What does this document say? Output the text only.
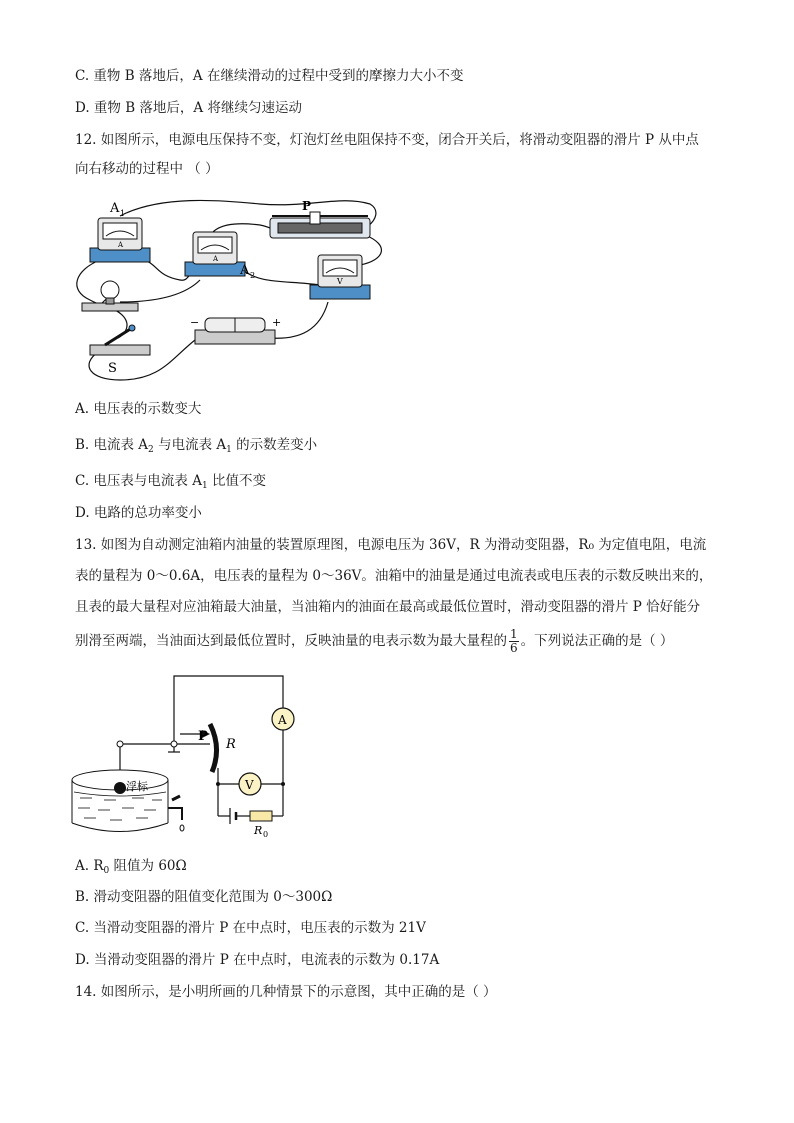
C. 重物 B 落地后，A 在继续滑动的过程中受到的摩擦力大小不变
D. 重物 B 落地后，A 将继续匀速运动
12. 如图所示，电源电压保持不变，灯泡灯丝电阻保持不变，闭合开关后，将滑动变阻器的滑片 P 从中点
向右移动的过程中 （ ）
A
A 1
A
A 2
P
V
S
−	+
A. 电压表的示数变大
B. 电流表 $A_2$ 与电流表 $A_1$ 的示数差变小
C. 电压表与电流表 $A_1$ 比值不变
D. 电路的总功率变小
13. 如图为自动测定油箱内油量的装置原理图，电源电压为 36V，R 为滑动变阻器，R₀ 为定值电阻，电流
表的量程为 0～0.6A，电压表的量程为 0～36V。油箱中的油量是通过电流表或电压表的示数反映出来的，
且表的最大量程对应油箱最大油量，当油箱内的油面在最高或最低位置时，滑动变阻器的滑片 P 恰好能分
别滑至两端，当油面达到最低位置时，反映油量的电表示数为最大量程的 $\frac{1}{6}$ 。下列说法正确的是（ ）
P
R
A
V
R 0
浮标
A. $R_0$ 阻值为 60Ω
B. 滑动变阻器的阻值变化范围为 0～300Ω
C. 当滑动变阻器的滑片 P 在中点时，电压表的示数为 21V
D. 当滑动变阻器的滑片 P 在中点时，电流表的示数为 0.17A
14. 如图所示，是小明所画的几种情景下的示意图，其中正确的是（ ）
